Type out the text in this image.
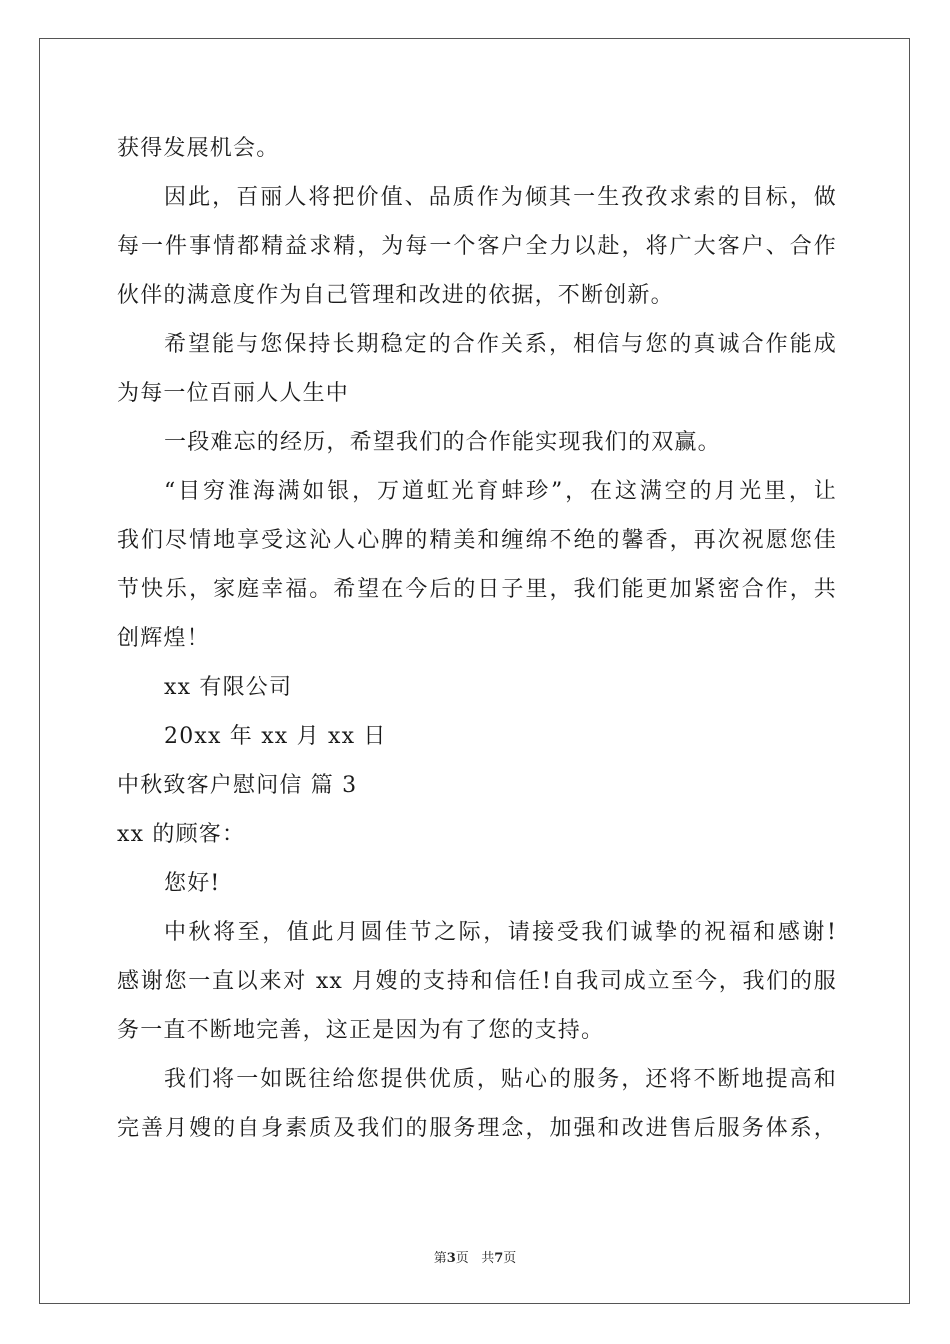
获得发展机会。
因此，百丽人将把价值、品质作为倾其一生孜孜求索的目标，做
每一件事情都精益求精，为每一个客户全力以赴，将广大客户、合作
伙伴的满意度作为自己管理和改进的依据，不断创新。
希望能与您保持长期稳定的合作关系，相信与您的真诚合作能成
为每一位百丽人人生中
一段难忘的经历，希望我们的合作能实现我们的双赢。
“目穷淮海满如银，万道虹光育蚌珍”，在这满空的月光里，让
我们尽情地享受这沁人心脾的精美和缠绵不绝的馨香，再次祝愿您佳
节快乐，家庭幸福。希望在今后的日子里，我们能更加紧密合作，共
创辉煌！
xx 有限公司
20xx 年 xx 月 xx 日
中秋致客户慰问信 篇 3
xx 的顾客：
您好!
中秋将至，值此月圆佳节之际，请接受我们诚挚的祝福和感谢!
感谢您一直以来对 xx 月嫂的支持和信任!自我司成立至今，我们的服
务一直不断地完善，这正是因为有了您的支持。
我们将一如既往给您提供优质，贴心的服务，还将不断地提高和
完善月嫂的自身素质及我们的服务理念，加强和改进售后服务体系，
第3页 共7页
